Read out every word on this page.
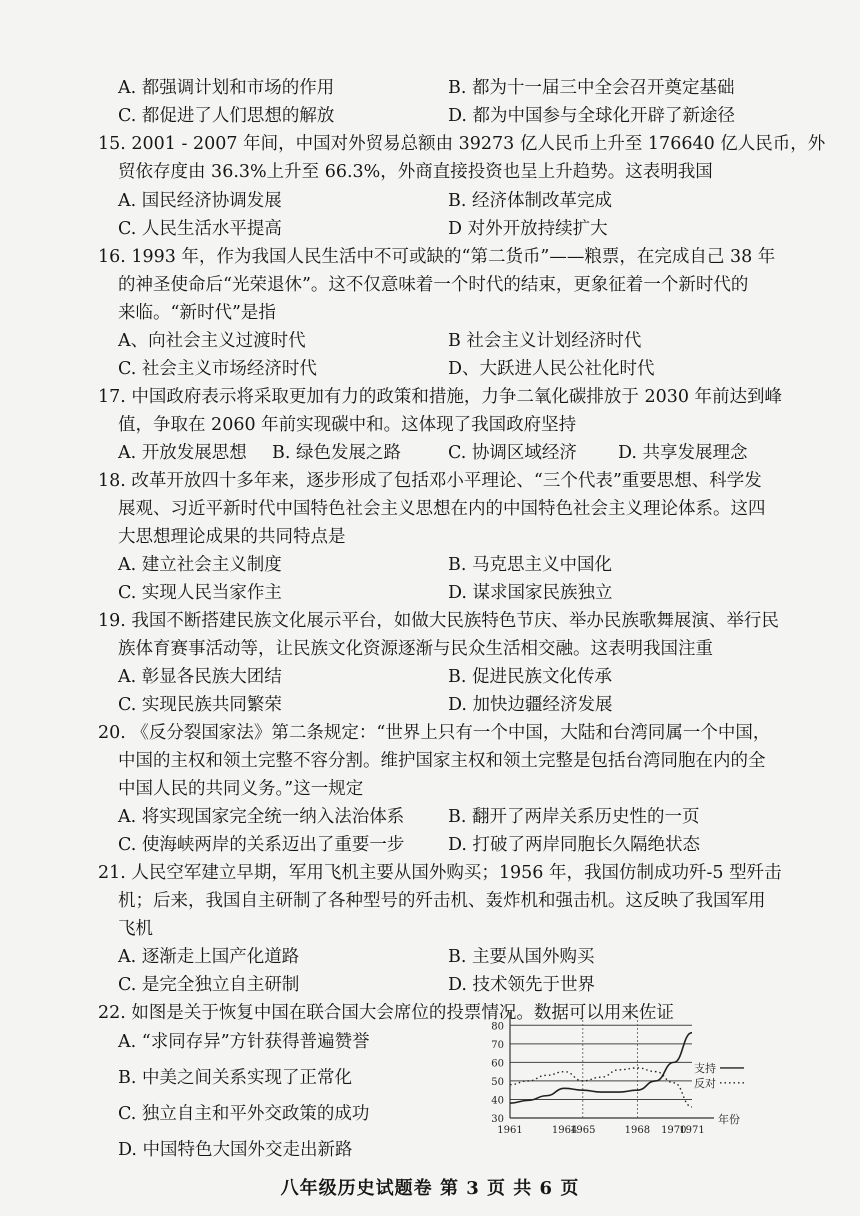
A. 都强调计划和市场的作用	B. 都为十一届三中全会召开奠定基础
C. 都促进了人们思想的解放	D. 都为中国参与全球化开辟了新途径
15. 2001 - 2007 年间，中国对外贸易总额由 39273 亿人民币上升至 176640 亿人民币，外
贸依存度由 36.3%上升至 66.3%，外商直接投资也呈上升趋势。这表明我国
A. 国民经济协调发展	B. 经济体制改革完成
C. 人民生活水平提高	D 对外开放持续扩大
16. 1993 年，作为我国人民生活中不可或缺的“第二货币”——粮票，在完成自己 38 年
的神圣使命后“光荣退休”。这不仅意味着一个时代的结束，更象征着一个新时代的
来临。“新时代”是指
A、向社会主义过渡时代	B 社会主义计划经济时代
C. 社会主义市场经济时代	D、大跃进人民公社化时代
17. 中国政府表示将采取更加有力的政策和措施，力争二氧化碳排放于 2030 年前达到峰
值，争取在 2060 年前实现碳中和。这体现了我国政府坚持
A. 开放发展思想 B. 绿色发展之路	C. 协调区域经济 D. 共享发展理念
18. 改革开放四十多年来，逐步形成了包括邓小平理论、“三个代表”重要思想、科学发
展观、习近平新时代中国特色社会主义思想在内的中国特色社会主义理论体系。这四
大思想理论成果的共同特点是
A. 建立社会主义制度	B. 马克思主义中国化
C. 实现人民当家作主	D. 谋求国家民族独立
19. 我国不断搭建民族文化展示平台，如做大民族特色节庆、举办民族歌舞展演、举行民
族体育赛事活动等，让民族文化资源逐渐与民众生活相交融。这表明我国注重
A. 彰显各民族大团结	B. 促进民族文化传承
C. 实现民族共同繁荣	D. 加快边疆经济发展
20. 《反分裂国家法》第二条规定：“世界上只有一个中国，大陆和台湾同属一个中国，
中国的主权和领土完整不容分割。维护国家主权和领土完整是包括台湾同胞在内的全
中国人民的共同义务。”这一规定
A. 将实现国家完全统一纳入法治体系 B. 翻开了两岸关系历史性的一页
C. 使海峡两岸的关系迈出了重要一步 D. 打破了两岸同胞长久隔绝状态
21. 人民空军建立早期，军用飞机主要从国外购买；1956 年，我国仿制成功歼-5 型歼击
机；后来，我国自主研制了各种型号的歼击机、轰炸机和强击机。这反映了我国军用
飞机
A. 逐渐走上国产化道路	B. 主要从国外购买
C. 是完全独立自主研制	D. 技术领先于世界
22. 如图是关于恢复中国在联合国大会席位的投票情况。数据可以用来佐证
A. “求同存异”方针获得普遍赞誉
B. 中美之间关系实现了正常化
C. 独立自主和平外交政策的成功
D. 中国特色大国外交走出新路
30
40
50
60
70
80
1961	1964
1965	1968 1970
1971
年份
支持
反对
八年级历史试题卷 第 3 页 共 6 页
